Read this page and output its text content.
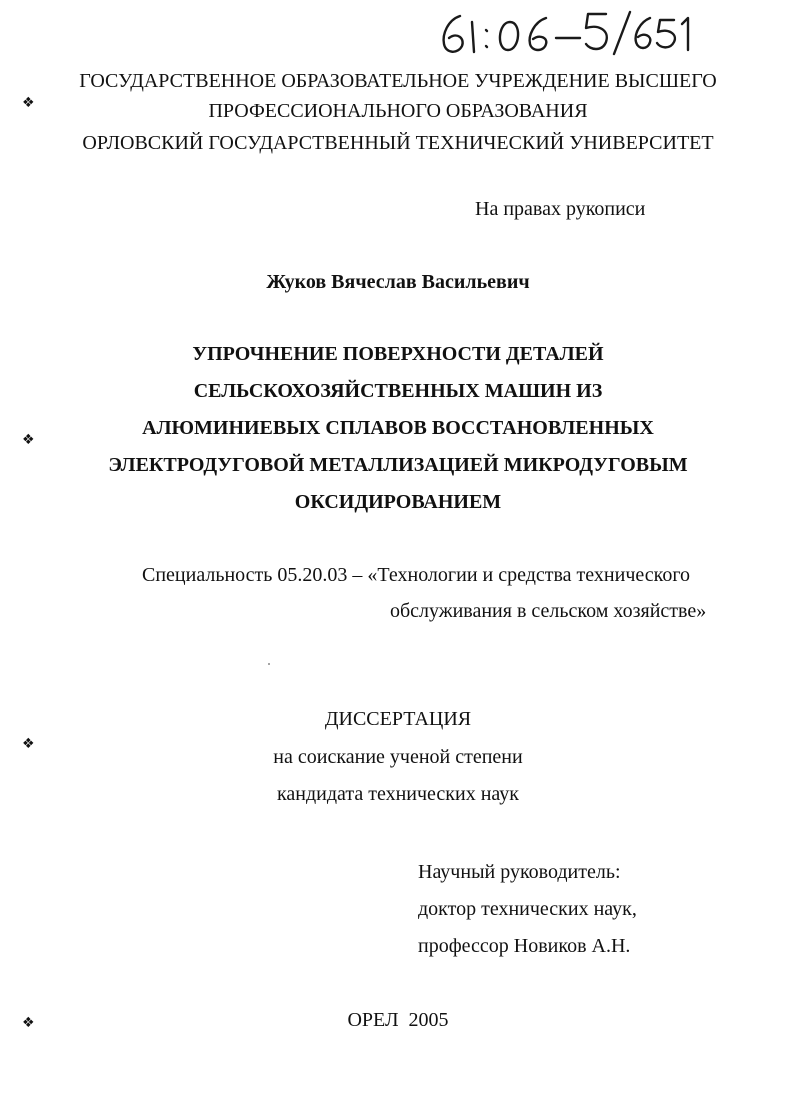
❖
❖
❖
❖
ГОСУДАРСТВЕННОЕ ОБРАЗОВАТЕЛЬНОЕ УЧРЕЖДЕНИЕ ВЫСШЕГО
ПРОФЕССИОНАЛЬНОГО ОБРАЗОВАНИЯ
ОРЛОВСКИЙ ГОСУДАРСТВЕННЫЙ ТЕХНИЧЕСКИЙ УНИВЕРСИТЕТ
На правах рукописи
Жуков Вячеслав Васильевич
УПРОЧНЕНИЕ ПОВЕРХНОСТИ ДЕТАЛЕЙ
СЕЛЬСКОХОЗЯЙСТВЕННЫХ МАШИН ИЗ
АЛЮМИНИЕВЫХ СПЛАВОВ ВОССТАНОВЛЕННЫХ
ЭЛЕКТРОДУГОВОЙ МЕТАЛЛИЗАЦИЕЙ МИКРОДУГОВЫМ
ОКСИДИРОВАНИЕМ
Специальность 05.20.03 – «Технологии и средства технического
обслуживания в сельском хозяйстве»
ДИССЕРТАЦИЯ
на соискание ученой степени
кандидата технических наук
Научный руководитель:
доктор технических наук,
профессор Новиков А.Н.
ОРЕЛ  2005
